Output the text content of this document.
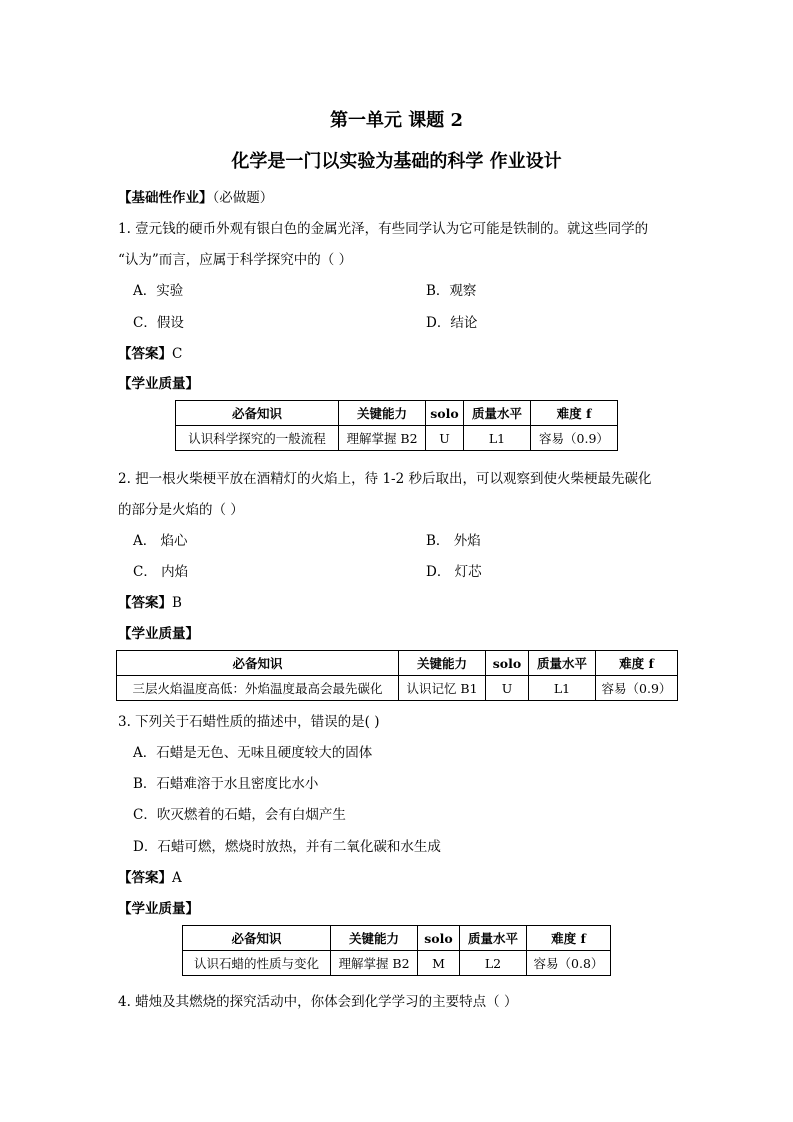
第一单元 课题 2
化学是一门以实验为基础的科学 作业设计
【基础性作业】（必做题）
1. 壹元钱的硬币外观有银白色的金属光泽，有些同学认为它可能是铁制的。就这些同学的
“认为”而言，应属于科学探究中的（ ）
A．实验	B．观察
C．假设	D．结论
【答案】C
【学业质量】
必备知识	关键能力	solo	质量水平	难度 f
认识科学探究的一般流程	理解掌握 B2	U	L1	容易（0.9）
2. 把一根火柴梗平放在酒精灯的火焰上，待 1-2 秒后取出，可以观察到使火柴梗最先碳化
的部分是火焰的（ ）
A． 焰心	B． 外焰
C． 内焰	D． 灯芯
【答案】B
【学业质量】
必备知识	关键能力	solo	质量水平	难度 f
三层火焰温度高低：外焰温度最高会最先碳化	认识记忆 B1	U	L1	容易（0.9）
3. 下列关于石蜡性质的描述中，错误的是( )
A．石蜡是无色、无味且硬度较大的固体
B．石蜡难溶于水且密度比水小
C．吹灭燃着的石蜡，会有白烟产生
D．石蜡可燃，燃烧时放热，并有二氧化碳和水生成
【答案】A
【学业质量】
必备知识	关键能力	solo	质量水平	难度 f
认识石蜡的性质与变化	理解掌握 B2	M	L2	容易（0.8）
4. 蜡烛及其燃烧的探究活动中，你体会到化学学习的主要特点（ ）
